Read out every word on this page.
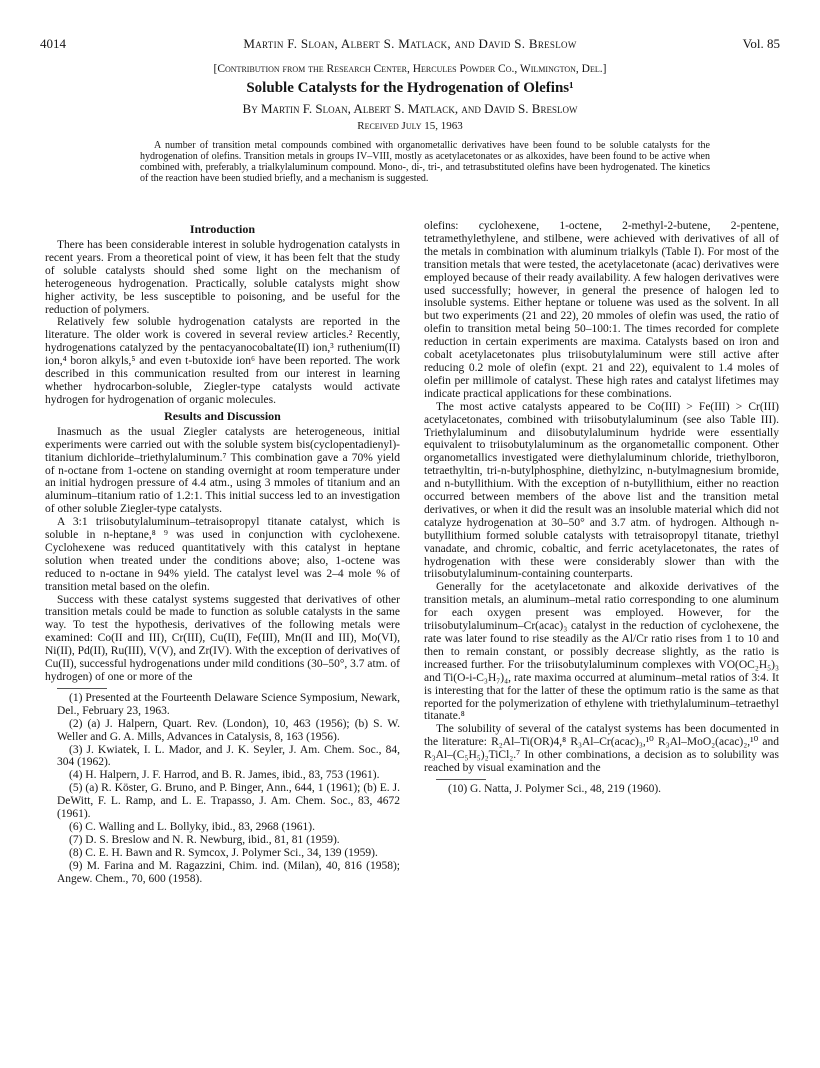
4014	Martin F. Sloan, Albert S. Matlack, and David S. Breslow	Vol. 85
[Contribution from the Research Center, Hercules Powder Co., Wilmington, Del.]
Soluble Catalysts for the Hydrogenation of Olefins¹
By Martin F. Sloan, Albert S. Matlack, and David S. Breslow
Received July 15, 1963
A number of transition metal compounds combined with organometallic derivatives have been found to be soluble catalysts for the hydrogenation of olefins. Transition metals in groups IV–VIII, mostly as acetylacetonates or as alkoxides, have been found to be active when combined with, preferably, a trialkylaluminum compound. Mono-, di-, tri-, and tetrasubstituted olefins have been hydrogenated. The kinetics of the reaction have been studied briefly, and a mechanism is suggested.
Introduction

There has been considerable interest in soluble hydrogenation catalysts in recent years. From a theoretical point of view, it has been felt that the study of soluble catalysts should shed some light on the mechanism of heterogeneous hydrogenation. Practically, soluble catalysts might show higher activity, be less susceptible to poisoning, and be useful for the reduction of polymers.

Relatively few soluble hydrogenation catalysts are reported in the literature. The older work is covered in several review articles.² Recently, hydrogenations catalyzed by the pentacyanocobaltate(II) ion,³ ruthenium(II) ion,⁴ boron alkyls,⁵ and even t-butoxide ion⁶ have been reported. The work described in this communication resulted from our interest in learning whether hydrocarbon-soluble, Ziegler-type catalysts would activate hydrogen for hydrogenation of organic molecules.

Results and Discussion

Inasmuch as the usual Ziegler catalysts are heterogeneous, initial experiments were carried out with the soluble system bis(cyclopentadienyl)-titanium dichloride–triethylaluminum.⁷ This combination gave a 70% yield of n-octane from 1-octene on standing overnight at room temperature under an initial hydrogen pressure of 4.4 atm., using 3 mmoles of titanium and an aluminum–titanium ratio of 1.2:1. This initial success led to an investigation of other soluble Ziegler-type catalysts.

A 3:1 triisobutylaluminum–tetraisopropyl titanate catalyst, which is soluble in n-heptane,⁸ ⁹ was used in conjunction with cyclohexene. Cyclohexene was reduced quantitatively with this catalyst in heptane solution when treated under the conditions above; also, 1-octene was reduced to n-octane in 94% yield. The catalyst level was 2–4 mole % of transition metal based on the olefin.

Success with these catalyst systems suggested that derivatives of other transition metals could be made to function as soluble catalysts in the same way. To test the hypothesis, derivatives of the following metals were examined: Co(II and III), Cr(III), Cu(II), Fe(III), Mn(II and III), Mo(VI), Ni(II), Pd(II), Ru(III), V(V), and Zr(IV). With the exception of derivatives of Cu(II), successful hydrogenations under mild conditions (30–50°, 3.7 atm. of hydrogen) of one or more of the

(1) Presented at the Fourteenth Delaware Science Symposium, Newark, Del., February 23, 1963.

(2) (a) J. Halpern, Quart. Rev. (London), 10, 463 (1956); (b) S. W. Weller and G. A. Mills, Advances in Catalysis, 8, 163 (1956).

(3) J. Kwiatek, I. L. Mador, and J. K. Seyler, J. Am. Chem. Soc., 84, 304 (1962).

(4) H. Halpern, J. F. Harrod, and B. R. James, ibid., 83, 753 (1961).

(5) (a) R. Köster, G. Bruno, and P. Binger, Ann., 644, 1 (1961); (b) E. J. DeWitt, F. L. Ramp, and L. E. Trapasso, J. Am. Chem. Soc., 83, 4672 (1961).

(6) C. Walling and L. Bollyky, ibid., 83, 2968 (1961).

(7) D. S. Breslow and N. R. Newburg, ibid., 81, 81 (1959).

(8) C. E. H. Bawn and R. Symcox, J. Polymer Sci., 34, 139 (1959).

(9) M. Farina and M. Ragazzini, Chim. ind. (Milan), 40, 816 (1958); Angew. Chem., 70, 600 (1958).

olefins: cyclohexene, 1-octene, 2-methyl-2-butene, 2-pentene, tetramethylethylene, and stilbene, were achieved with derivatives of all of the metals in combination with aluminum trialkyls (Table I). For most of the transition metals that were tested, the acetylacetonate (acac) derivatives were employed because of their ready availability. A few halogen derivatives were used successfully; however, in general the presence of halogen led to insoluble systems. Either heptane or toluene was used as the solvent. In all but two experiments (21 and 22), 20 mmoles of olefin was used, the ratio of olefin to transition metal being 50–100:1. The times recorded for complete reduction in certain experiments are maxima. Catalysts based on iron and cobalt acetylacetonates plus triisobutylaluminum were still active after reducing 0.2 mole of olefin (expt. 21 and 22), equivalent to 1.4 moles of olefin per millimole of catalyst. These high rates and catalyst lifetimes may indicate practical applications for these combinations.

The most active catalysts appeared to be Co(III) > Fe(III) > Cr(III) acetylacetonates, combined with triisobutylaluminum (see also Table III). Triethylaluminum and diisobutylaluminum hydride were essentially equivalent to triisobutylaluminum as the organometallic component. Other organometallics investigated were diethylaluminum chloride, triethylboron, tetraethyltin, tri-n-butylphosphine, diethylzinc, n-butylmagnesium bromide, and n-butyllithium. With the exception of n-butyllithium, either no reaction occurred between members of the above list and the transition metal derivatives, or when it did the result was an insoluble material which did not catalyze hydrogenation at 30–50° and 3.7 atm. of hydrogen. Although n-butyllithium formed soluble catalysts with tetraisopropyl titanate, triethyl vanadate, and chromic, cobaltic, and ferric acetylacetonates, the rates of hydrogenation with these were considerably slower than with the triisobutylaluminum-containing counterparts.

Generally for the acetylacetonate and alkoxide derivatives of the transition metals, an aluminum–metal ratio corresponding to one aluminum for each oxygen present was employed. However, for the triisobutylaluminum–Cr(acac)₃ catalyst in the reduction of cyclohexene, the rate was later found to rise steadily as the Al/Cr ratio rises from 1 to 10 and then to remain constant, or possibly decrease slightly, as the ratio is increased further. For the triisobutylaluminum complexes with VO(OC₂H₅)₃ and Ti(O-i-C₃H₇)₄, rate maxima occurred at aluminum–metal ratios of 3:4. It is interesting that for the latter of these the optimum ratio is the same as that reported for the polymerization of ethylene with triethylaluminum–tetraethyl titanate.⁸

The solubility of several of the catalyst systems has been documented in the literature: R₂Al–Ti(OR)4,⁸ R₃Al–Cr(acac)₃,¹⁰ R₃Al–MoO₂(acac)₂,¹⁰ and R₃Al–(C₅H₅)₂TiCl₂.⁷ In other combinations, a decision as to solubility was reached by visual examination and the

(10) G. Natta, J. Polymer Sci., 48, 219 (1960).
